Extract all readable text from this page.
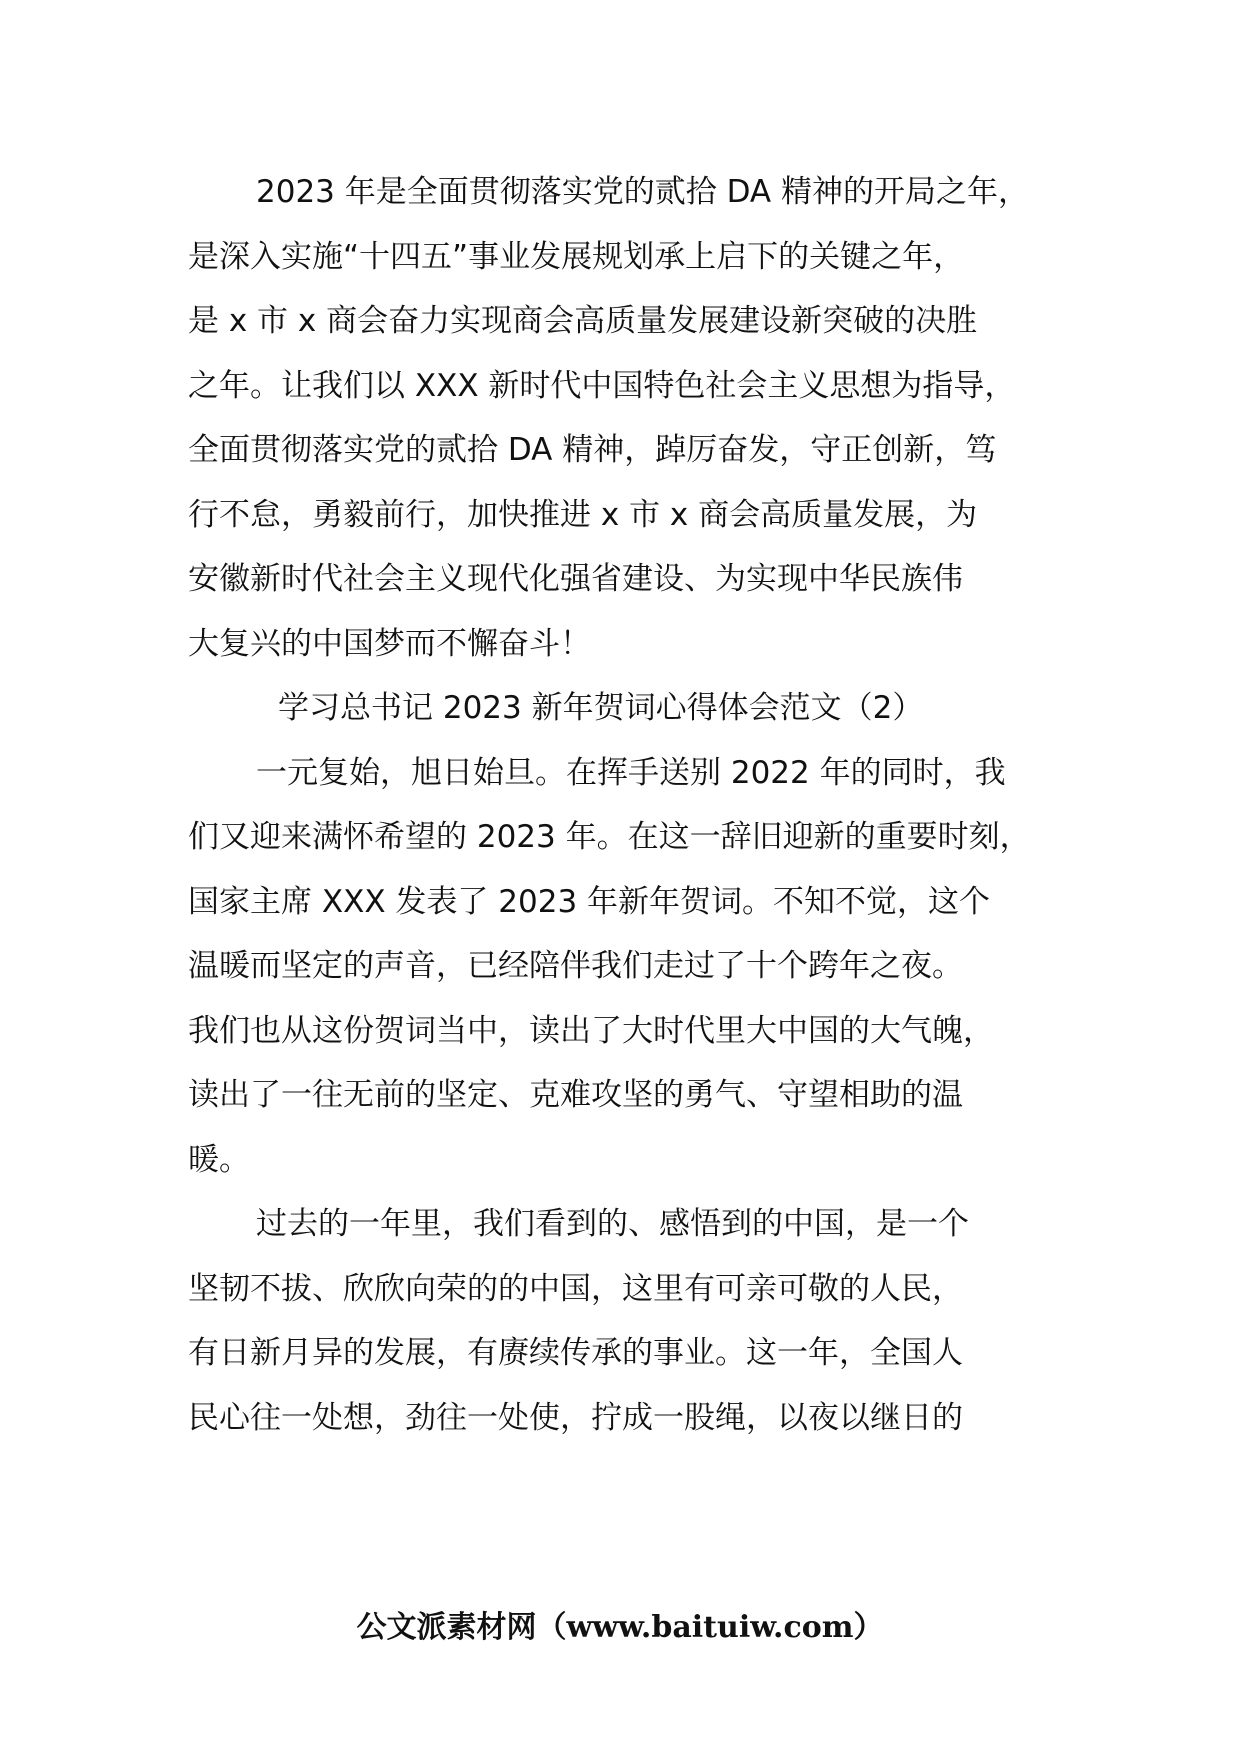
2023 年是全面贯彻落实党的贰拾 DA 精神的开局之年，
是深入实施“十四五”事业发展规划承上启下的关键之年，
是 x 市 x 商会奋力实现商会高质量发展建设新突破的决胜
之年。让我们以 XXX 新时代中国特色社会主义思想为指导，
全面贯彻落实党的贰拾 DA 精神，踔厉奋发，守正创新，笃
行不怠，勇毅前行，加快推进 x 市 x 商会高质量发展，为
安徽新时代社会主义现代化强省建设、为实现中华民族伟
大复兴的中国梦而不懈奋斗！
学习总书记 2023 新年贺词心得体会范文（2）
一元复始，旭日始旦。在挥手送别 2022 年的同时，我
们又迎来满怀希望的 2023 年。在这一辞旧迎新的重要时刻，
国家主席 XXX 发表了 2023 年新年贺词。不知不觉，这个
温暖而坚定的声音，已经陪伴我们走过了十个跨年之夜。
我们也从这份贺词当中，读出了大时代里大中国的大气魄，
读出了一往无前的坚定、克难攻坚的勇气、守望相助的温
暖。
过去的一年里，我们看到的、感悟到的中国，是一个
坚韧不拔、欣欣向荣的的中国，这里有可亲可敬的人民，
有日新月异的发展，有赓续传承的事业。这一年，全国人
民心往一处想，劲往一处使，拧成一股绳，以夜以继日的
公文派素材网（www.baituiw.com）
